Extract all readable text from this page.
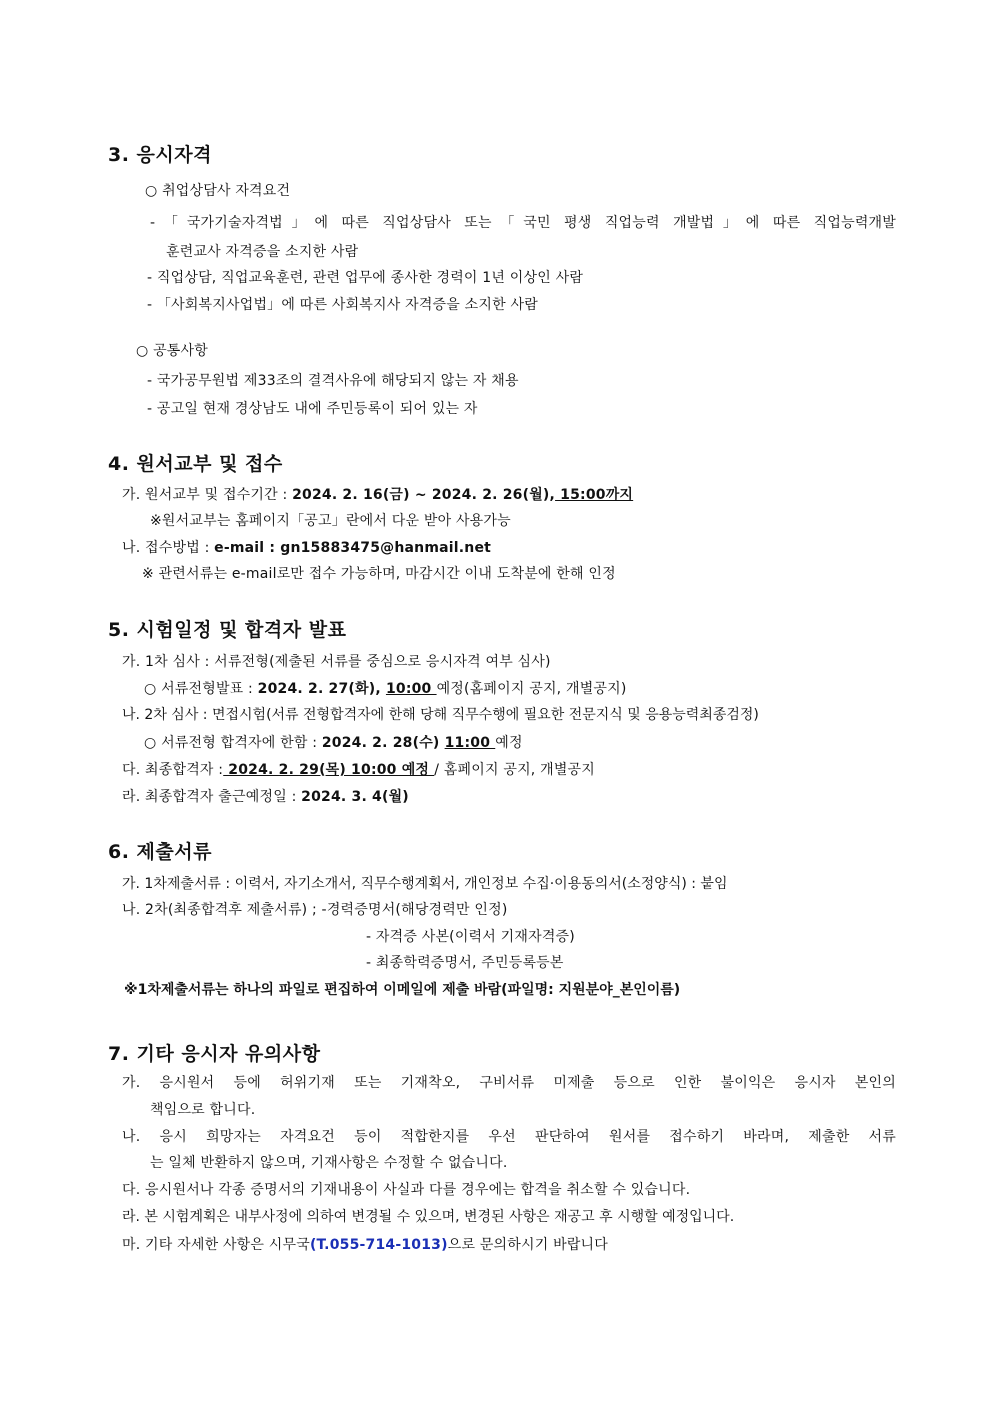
3. 응시자격
○ 취업상담사 자격요건
-「국가기술자격법」에 따른 직업상담사 또는「국민 평생 직업능력 개발법」에 따른 직업능력개발
훈련교사 자격증을 소지한 사람
- 직업상담, 직업교육훈련, 관련 업무에 종사한 경력이 1년 이상인 사람
- 「사회복지사업법」에 따른 사회복지사 자격증을 소지한 사람
○ 공통사항
- 국가공무원법 제33조의 결격사유에 해당되지 않는 자 채용
- 공고일 현재 경상남도 내에 주민등록이 되어 있는 자
4. 원서교부 및 접수
가. 원서교부 및 접수기간 : 2024. 2. 16(금) ~ 2024. 2. 26(월), 15:00까지
※원서교부는 홈페이지「공고」란에서 다운 받아 사용가능
나. 접수방법 : e-mail : gn15883475@hanmail.net
※ 관련서류는 e-mail로만 접수 가능하며, 마감시간 이내 도착분에 한해 인정
5. 시험일정 및 합격자 발표
가. 1차 심사 : 서류전형(제출된 서류를 중심으로 응시자격 여부 심사)
○ 서류전형발표 : 2024. 2. 27(화), 10:00 예정(홈페이지 공지, 개별공지)
나. 2차 심사 : 면접시험(서류 전형합격자에 한해 당해 직무수행에 필요한 전문지식 및 응용능력최종검정)
○ 서류전형 합격자에 한함 : 2024. 2. 28(수) 11:00 예정
다. 최종합격자 : 2024. 2. 29(목) 10:00 예정 / 홈페이지 공지, 개별공지
라. 최종합격자 출근예정일 : 2024. 3. 4(월)
6. 제출서류
가. 1차제출서류 : 이력서, 자기소개서, 직무수행계획서, 개인정보 수집·이용동의서(소정양식) : 붙임
나. 2차(최종합격후 제출서류) ; -경력증명서(해당경력만 인정)
- 자격증 사본(이력서 기재자격증)
- 최종학력증명서, 주민등록등본
※1차제출서류는 하나의 파일로 편집하여 이메일에 제출 바람(파일명: 지원분야_본인이름)
7. 기타 응시자 유의사항
가. 응시원서 등에 허위기재 또는 기재착오, 구비서류 미제출 등으로 인한 불이익은 응시자 본인의
책임으로 합니다.
나. 응시 희망자는 자격요건 등이 적합한지를 우선 판단하여 원서를 접수하기 바라며, 제출한 서류
는 일체 반환하지 않으며, 기재사항은 수정할 수 없습니다.
다. 응시원서나 각종 증명서의 기재내용이 사실과 다를 경우에는 합격을 취소할 수 있습니다.
라. 본 시험계획은 내부사정에 의하여 변경될 수 있으며, 변경된 사항은 재공고 후 시행할 예정입니다.
마. 기타 자세한 사항은 시무국(T.055-714-1013)으로 문의하시기 바랍니다
